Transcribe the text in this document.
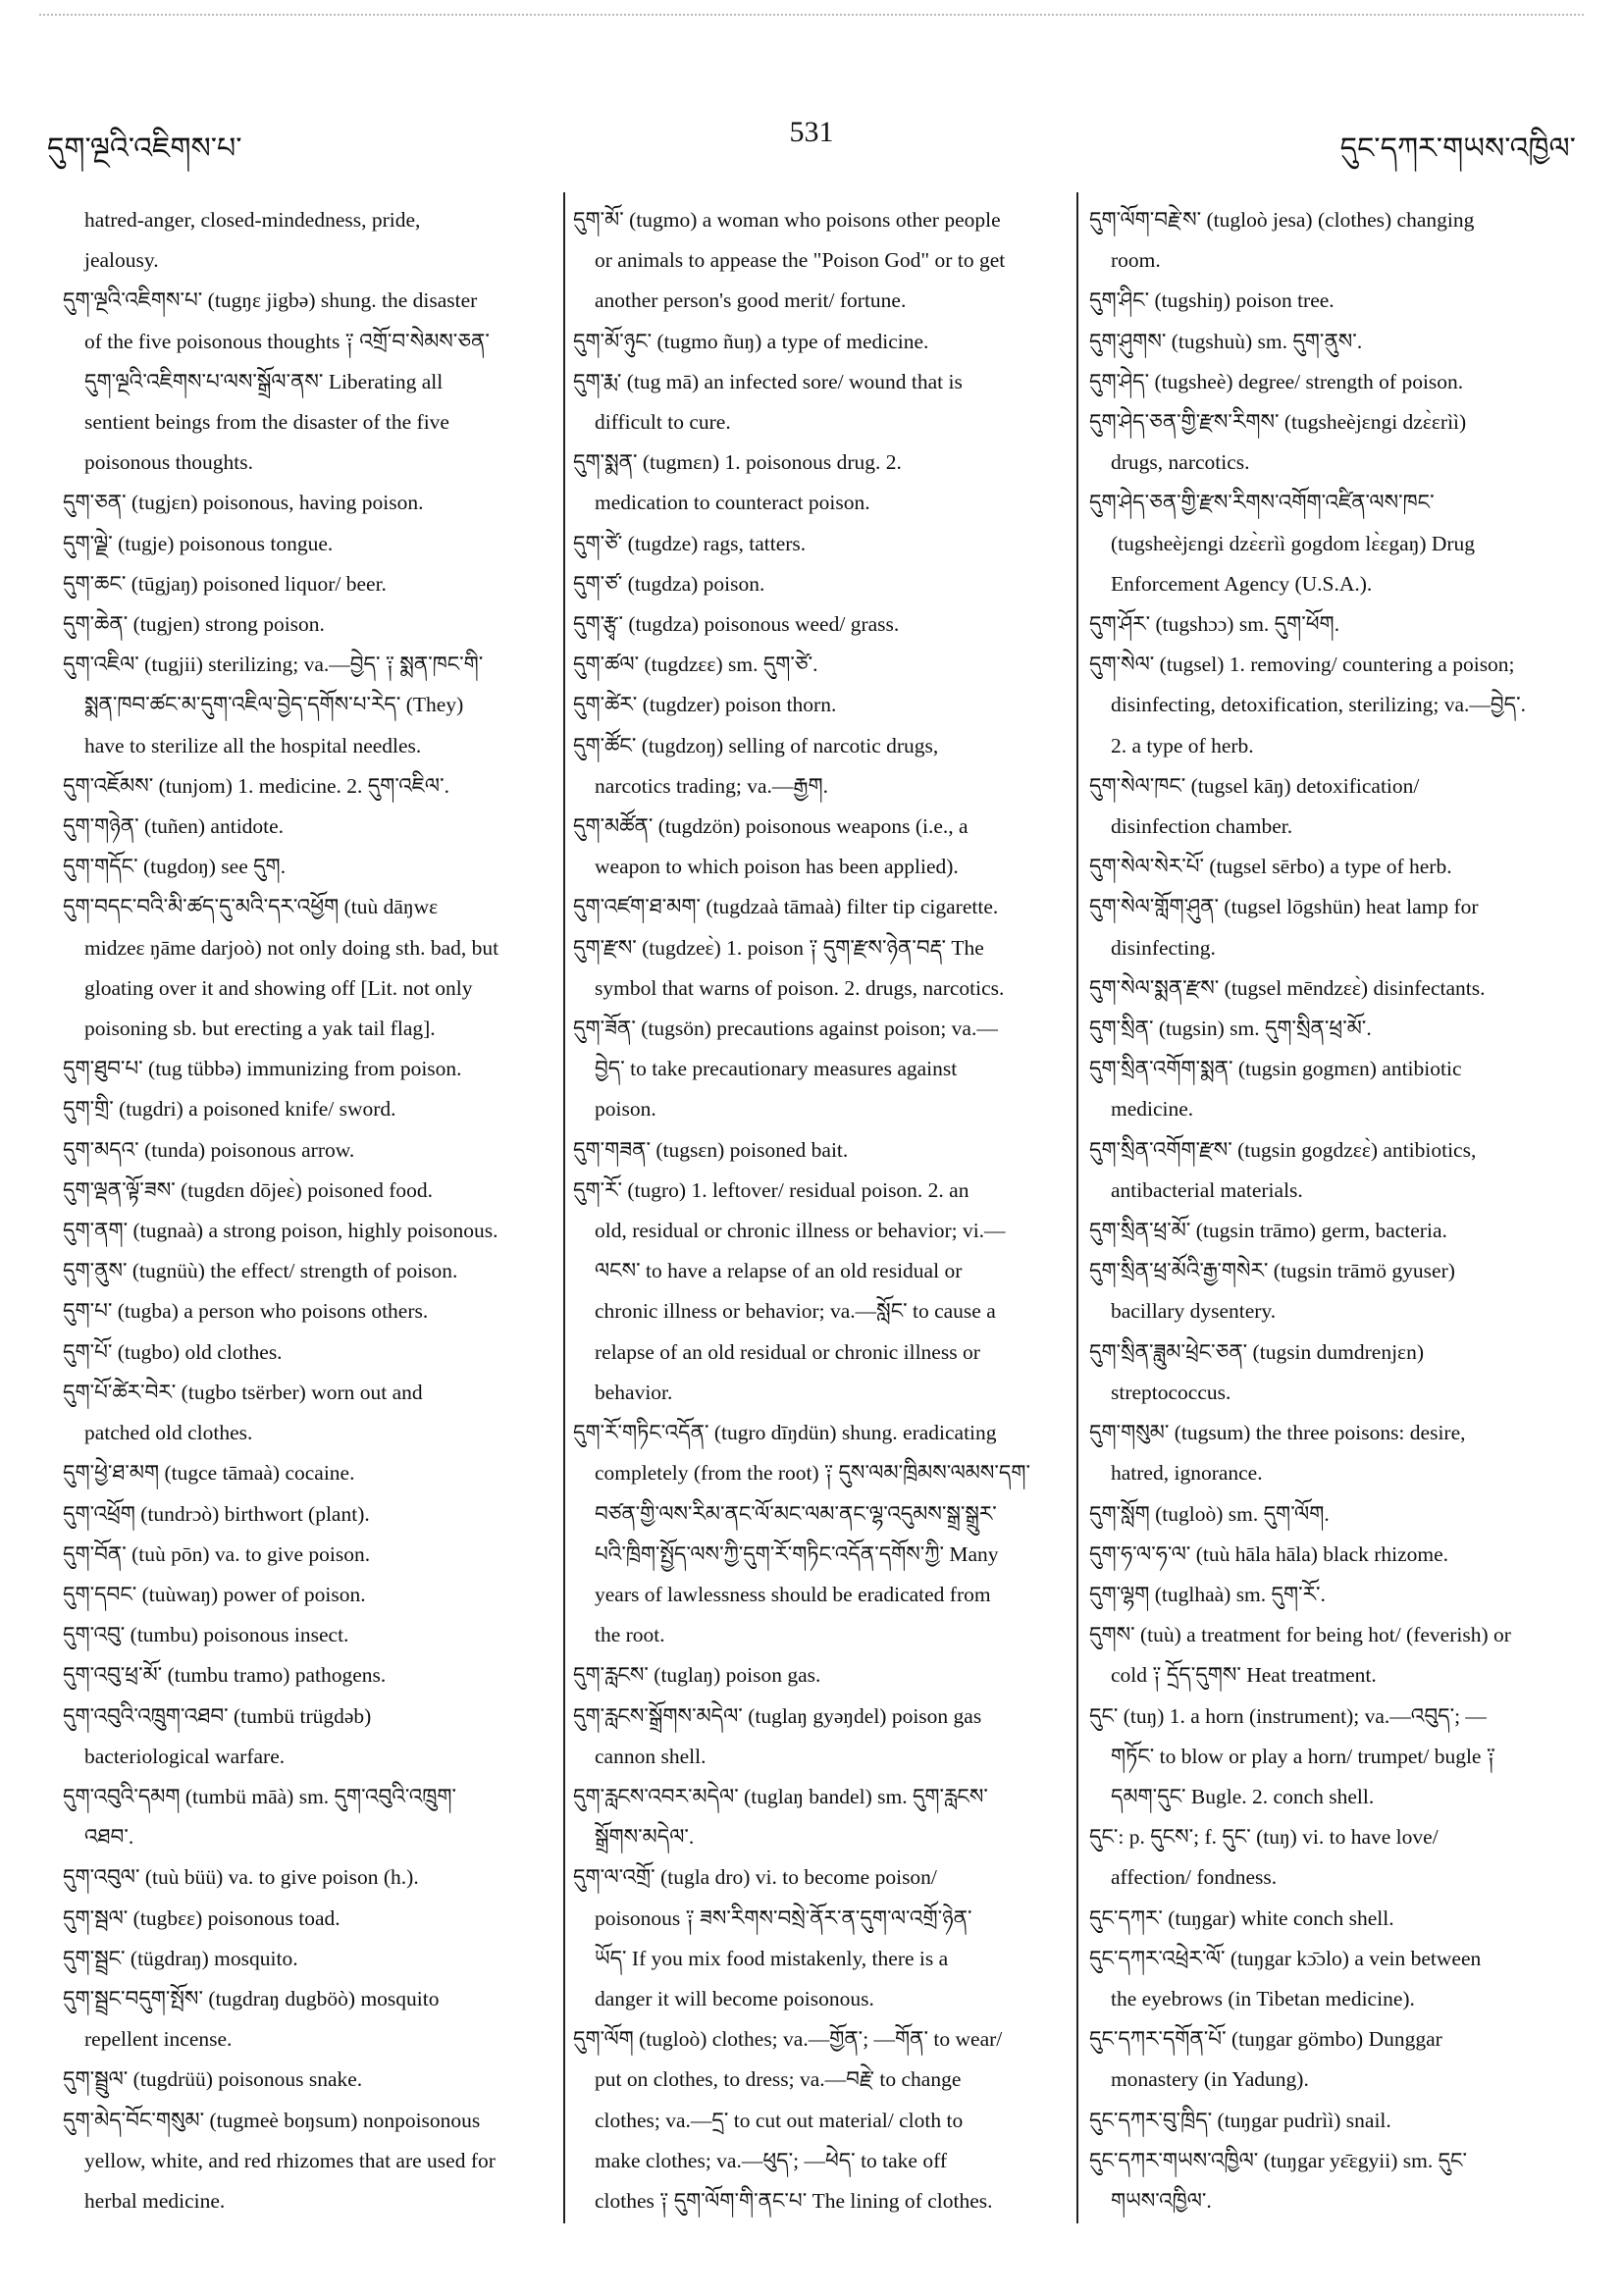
དུག་ལྔའི་འཇིགས་པ་
531
དུང་དཀར་གཡས་འཁྱིལ་
hatred-anger, closed-mindedness, pride,
jealousy.
དུག་ལྔའི་འཇིགས་པ་ (tugŋɛ jigbə) shung. the disaster
of the five poisonous thoughts ༑ འགྲོ་བ་སེམས་ཅན་
དུག་ལྔའི་འཇིགས་པ་ལས་སྒྲོལ་ནས་ Liberating all
sentient beings from the disaster of the five
poisonous thoughts.
དུག་ཅན་ (tugjɛn) poisonous, having poison.
དུག་ལྗེ་ (tugje) poisonous tongue.
དུག་ཆང་ (tūgjaŋ) poisoned liquor/ beer.
དུག་ཆེན་ (tugjen) strong poison.
དུག་འཇིལ་ (tugjii) sterilizing; va.—བྱེད་ ༑ སྨན་ཁང་གི་
སྨན་ཁབ་ཚང་མ་དུག་འཇིལ་བྱེད་དགོས་པ་རེད་ (They)
have to sterilize all the hospital needles.
དུག་འཇོམས་ (tunjom) 1. medicine. 2. དུག་འཇིལ་.
དུག་གཉེན་ (tuñen) antidote.
དུག་གདོང་ (tugdoŋ) see དུག.
དུག་བདང་བའི་མི་ཚད་དུ་མའི་དར་འཕྱོག (tuù dāŋwɛ
midzeɛ ŋāme darjoò) not only doing sth. bad, but
gloating over it and showing off [Lit. not only
poisoning sb. but erecting a yak tail flag].
དུག་ཐུབ་པ་ (tug tübbə) immunizing from poison.
དུག་གྲི་ (tugdri) a poisoned knife/ sword.
དུག་མདའ་ (tunda) poisonous arrow.
དུག་ལྡན་ལྟོ་ཟས་ (tugdɛn dōjeɛ̀) poisoned food.
དུག་ནག་ (tugnaà) a strong poison, highly poisonous.
དུག་ནུས་ (tugnüù) the effect/ strength of poison.
དུག་པ་ (tugba) a person who poisons others.
དུག་པོ་ (tugbo) old clothes.
དུག་པོ་ཚེར་བེར་ (tugbo tsërber) worn out and
patched old clothes.
དུག་ཕྱེ་ཐ་མག (tugce tāmaà) cocaine.
དུག་འཕྲོག (tundrɔò) birthwort (plant).
དུག་བོན་ (tuù pōn) va. to give poison.
དུག་དབང་ (tuùwaŋ) power of poison.
དུག་འབུ་ (tumbu) poisonous insect.
དུག་འབུ་ཕྲ་མོ་ (tumbu tramo) pathogens.
དུག་འབུའི་འཁྲུག་འཐབ་ (tumbü trügdəb)
bacteriological warfare.
དུག་འབུའི་དམག (tumbü māà) sm. དུག་འབུའི་འཁྲུག་
འཐབ་.
དུག་འབུལ་ (tuù büü) va. to give poison (h.).
དུག་སྦལ་ (tugbɛɛ) poisonous toad.
དུག་སྦྲང་ (tügdraŋ) mosquito.
དུག་སྦྲང་བདུག་སྤོས་ (tugdraŋ dugböò) mosquito
repellent incense.
དུག་སྦྲུལ་ (tugdrüü) poisonous snake.
དུག་མེད་བོང་གསུམ་ (tugmeè boŋsum) nonpoisonous
yellow, white, and red rhizomes that are used for
herbal medicine.
དུག་མོ་ (tugmo) a woman who poisons other people
or animals to appease the "Poison God" or to get
another person's good merit/ fortune.
དུག་མོ་ཉུང་ (tugmo ñuŋ) a type of medicine.
དུག་རྨ་ (tug mā) an infected sore/ wound that is
difficult to cure.
དུག་སྨན་ (tugmɛn) 1. poisonous drug. 2.
medication to counteract poison.
དུག་ཙེ་ (tugdze) rags, tatters.
དུག་ཙ་ (tugdza) poison.
དུག་རྩྭ་ (tugdza) poisonous weed/ grass.
དུག་ཚལ་ (tugdzɛɛ) sm. དུག་ཙེ་.
དུག་ཚེར་ (tugdzer) poison thorn.
དུག་ཚོང་ (tugdzoŋ) selling of narcotic drugs,
narcotics trading; va.—རྒྱག.
དུག་མཚོན་ (tugdzön) poisonous weapons (i.e., a
weapon to which poison has been applied).
དུག་འཛག་ཐ་མག་ (tugdzaà tāmaà) filter tip cigarette.
དུག་རྫས་ (tugdzeɛ̀) 1. poison ༑ དུག་རྫས་ཉེན་བརྡ་ The
symbol that warns of poison. 2. drugs, narcotics.
དུག་ཟོན་ (tugsön) precautions against poison; va.—
བྱེད་ to take precautionary measures against
poison.
དུག་གཟན་ (tugsɛn) poisoned bait.
དུག་རོ་ (tugro) 1. leftover/ residual poison. 2. an
old, residual or chronic illness or behavior; vi.—
ལངས་ to have a relapse of an old residual or
chronic illness or behavior; va.—སློང་ to cause a
relapse of an old residual or chronic illness or
behavior.
དུག་རོ་གཏིང་འདོན་ (tugro dīŋdün) shung. eradicating
completely (from the root) ༑ དུས་ལམ་ཁྲིམས་ལམས་དག་
བཙན་གྱི་ལས་རིམ་ནང་ལོ་མང་ལམ་ནང་ལྷ་འདུམས་སྒྲ་སྒྲུར་
པའི་ཁྲིག་སྤྱོད་ལས་ཀྱི་དུག་རོ་གཏིང་འདོན་དགོས་ཀྱི་ Many
years of lawlessness should be eradicated from
the root.
དུག་རླངས་ (tuglaŋ) poison gas.
དུག་རླངས་སྒྲོགས་མདེལ་ (tuglaŋ gyəŋdel) poison gas
cannon shell.
དུག་རླངས་འབར་མདེལ་ (tuglaŋ bandel) sm. དུག་རླངས་
སྒྲོགས་མདེལ་.
དུག་ལ་འགྲོ་ (tugla dro) vi. to become poison/
poisonous ༑ ཟས་རིགས་བསྲེ་ནོར་ན་དུག་ལ་འགྲོ་ཉེན་
ཡོད་ If you mix food mistakenly, there is a
danger it will become poisonous.
དུག་ལོག (tugloò) clothes; va.—གྱོན་; —གོན་ to wear/
put on clothes, to dress; va.—བརྗེ་ to change
clothes; va.—དྲ་ to cut out material/ cloth to
make clothes; va.—ཕུད་; —ཕེད་ to take off
clothes ༑ དུག་ལོག་གི་ནང་པ་ The lining of clothes.
དུག་ལོག་བརྗེ་ས་ (tugloò jesa) (clothes) changing
room.
དུག་ཤིང་ (tugshiŋ) poison tree.
དུག་ཤུགས་ (tugshuù) sm. དུག་ནུས་.
དུག་ཤེད་ (tugsheè) degree/ strength of poison.
དུག་ཤེད་ཅན་གྱི་རྫས་རིགས་ (tugsheèjɛngi dzɛ̀ɛrìì)
drugs, narcotics.
དུག་ཤེད་ཅན་གྱི་རྫས་རིགས་འགོག་འཛིན་ལས་ཁང་
(tugsheèjɛngi dzɛ̀ɛrìì gogdom lɛ̀ɛgaŋ) Drug
Enforcement Agency (U.S.A.).
དུག་ཤོར་ (tugshɔɔ) sm. དུག་ཕོག.
དུག་སེལ་ (tugsel) 1. removing/ countering a poison;
disinfecting, detoxification, sterilizing; va.—བྱེད་.
2. a type of herb.
དུག་སེལ་ཁང་ (tugsel kāŋ) detoxification/
disinfection chamber.
དུག་སེལ་སེར་པོ་ (tugsel sērbo) a type of herb.
དུག་སེལ་གློག་ཤུན་ (tugsel lōgshün) heat lamp for
disinfecting.
དུག་སེལ་སྨན་རྫས་ (tugsel mēndzɛɛ̀) disinfectants.
དུག་སྲིན་ (tugsin) sm. དུག་སྲིན་ཕྲ་མོ་.
དུག་སྲིན་འགོག་སྨན་ (tugsin gogmɛn) antibiotic
medicine.
དུག་སྲིན་འགོག་རྫས་ (tugsin gogdzɛɛ̀) antibiotics,
antibacterial materials.
དུག་སྲིན་ཕྲ་མོ་ (tugsin trāmo) germ, bacteria.
དུག་སྲིན་ཕྲ་མོའི་རྒྱ་གསེར་ (tugsin trāmö gyuser)
bacillary dysentery.
དུག་སྲིན་ཟླུམ་ཕྲེང་ཅན་ (tugsin dumdrenjɛn)
streptococcus.
དུག་གསུམ་ (tugsum) the three poisons: desire,
hatred, ignorance.
དུག་སློག (tugloò) sm. དུག་ལོག.
དུག་ཧ་ལ་ཧ་ལ་ (tuù hāla hāla) black rhizome.
དུག་ལྷག (tuglhaà) sm. དུག་རོ་.
དུགས་ (tuù) a treatment for being hot/ (feverish) or
cold ༑ དྲོད་དུགས་ Heat treatment.
དུང་ (tuŋ) 1. a horn (instrument); va.—འབུད་; —
གཏོང་ to blow or play a horn/ trumpet/ bugle ༑
དམག་དུང་ Bugle. 2. conch shell.
དུང་: p. དུངས་; f. དུང་ (tuŋ) vi. to have love/
affection/ fondness.
དུང་དཀར་ (tuŋgar) white conch shell.
དུང་དཀར་འཕྲེར་ལོ་ (tuŋgar kɔ̄ɔlo) a vein between
the eyebrows (in Tibetan medicine).
དུང་དཀར་དགོན་པོ་ (tuŋgar gömbo) Dunggar
monastery (in Yadung).
དུང་དཀར་བུ་ཁྲིད་ (tuŋgar pudrìì) snail.
དུང་དཀར་གཡས་འཁྱིལ་ (tuŋgar yɛ̄ɛgyii) sm. དུང་
གཡས་འཁྱིལ་.
